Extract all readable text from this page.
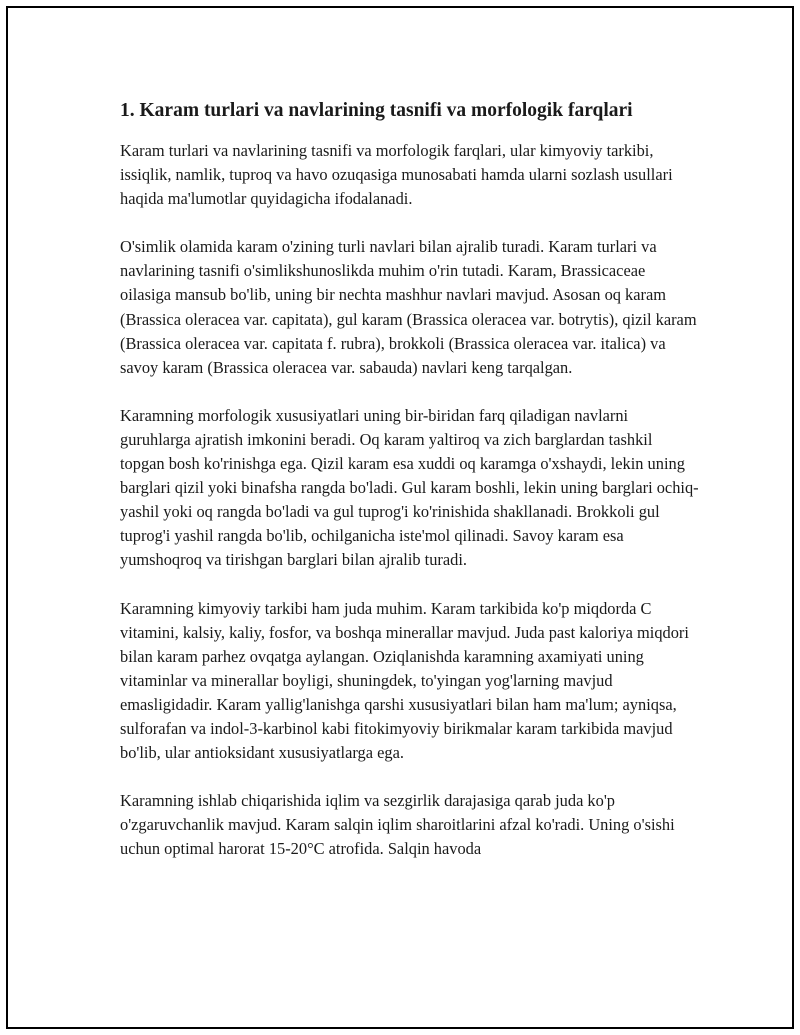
1. Karam turlari va navlarining tasnifi va morfologik farqlari

Karam turlari va navlarining tasnifi va morfologik farqlari, ular kimyoviy tarkibi, issiqlik, namlik, tuproq va havo ozuqasiga munosabati hamda ularni sozlash usullari haqida ma'lumotlar quyidagicha ifodalanadi.

O'simlik olamida karam o'zining turli navlari bilan ajralib turadi. Karam turlari va navlarining tasnifi o'simlikshunoslikda muhim o'rin tutadi. Karam, Brassicaceae oilasiga mansub bo'lib, uning bir nechta mashhur navlari mavjud. Asosan oq karam (Brassica oleracea var. capitata), gul karam (Brassica oleracea var. botrytis), qizil karam (Brassica oleracea var. capitata f. rubra), brokkoli (Brassica oleracea var. italica) va savoy karam (Brassica oleracea var. sabauda) navlari keng tarqalgan.

Karamning morfologik xususiyatlari uning bir-biridan farq qiladigan navlarni guruhlarga ajratish imkonini beradi. Oq karam yaltiroq va zich barglardan tashkil topgan bosh ko'rinishga ega. Qizil karam esa xuddi oq karamga o'xshaydi, lekin uning barglari qizil yoki binafsha rangda bo'ladi. Gul karam boshli, lekin uning barglari ochiq-yashil yoki oq rangda bo'ladi va gul tuprog'i ko'rinishida shakllanadi. Brokkoli gul tuprog'i yashil rangda bo'lib, ochilganicha iste'mol qilinadi. Savoy karam esa yumshoqroq va tirishgan barglari bilan ajralib turadi.

Karamning kimyoviy tarkibi ham juda muhim. Karam tarkibida ko'p miqdorda C vitamini, kalsiy, kaliy, fosfor, va boshqa minerallar mavjud. Juda past kaloriya miqdori bilan karam parhez ovqatga aylangan. Oziqlanishda karamning axamiyati uning vitaminlar va minerallar boyligi, shuningdek, to'yingan yog'larning mavjud emasligidadir. Karam yallig'lanishga qarshi xususiyatlari bilan ham ma'lum; ayniqsa, sulforafan va indol-3-karbinol kabi fitokimyoviy birikmalar karam tarkibida mavjud bo'lib, ular antioksidant xususiyatlarga ega.

Karamning ishlab chiqarishida iqlim va sezgirlik darajasiga qarab juda ko'p o'zgaruvchanlik mavjud. Karam salqin iqlim sharoitlarini afzal ko'radi. Uning o'sishi uchun optimal harorat 15-20°C atrofida. Salqin havoda
